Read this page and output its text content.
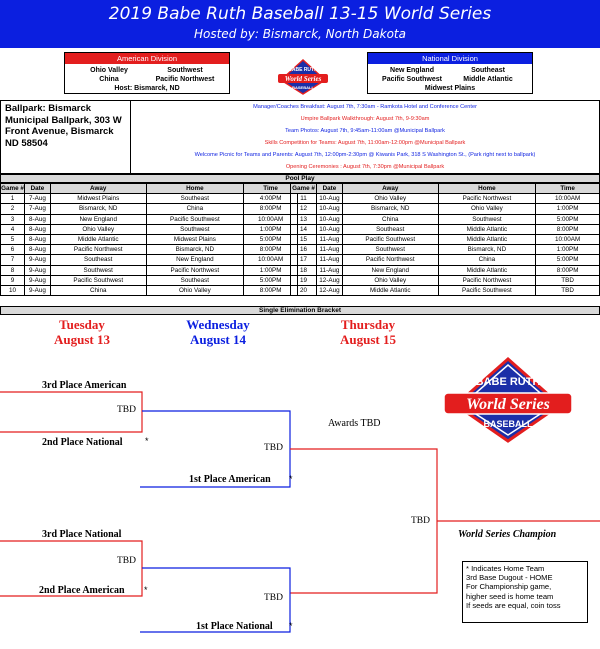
2019 Babe Ruth Baseball 13-15 World Series
Hosted by: Bismarck, North Dakota
American Division
Ohio Valley	Southwest
China	Pacific Northwest
Host: Bismarck, ND
National Division
New England	Southeast
Pacific Southwest	Middle Atlantic
Midwest Plains
BABE RUTH
World Series
BASEBALL
Ballpark: Bismarck Municipal Ballpark, 303 W Front Avenue, Bismarck ND 58504
Manager/Coaches Breakfast: August 7th, 7:30am - Ramkota Hotel and Conference Center
Umpire Ballpark Walkthrough: August 7th, 9-9:30am
Team Photos: August 7th, 9:45am-11:00am @Municipal Ballpark
Skills Competition for Teams: August 7th, 11:00am-12:00pm @Municipal Ballpark
Welcome Picnic for Teams and Parents: August 7th, 12:00pm-2:30pm @ Kiwanis Park, 318 S Washington St., (Park right next to ballpark)
Opening Ceremonies : August 7th, 7:30pm @Municipal Ballpark
Pool Play
Game #	Date	Away	Home	Time
1	7-Aug	Midwest Plains	Southeast	4:00PM
2	7-Aug	Bismarck, ND	China	8:00PM
3	8-Aug	New England	Pacific Southwest	10:00AM
4	8-Aug	Ohio Valley	Southwest	1:00PM
5	8-Aug	Middle Atlantic	Midwest Plains	5:00PM
6	8-Aug	Pacific Northwest	Bismarck, ND	8:00PM
7	9-Aug	Southeast	New England	10:00AM
8	9-Aug	Southwest	Pacific Northwest	1:00PM
9	9-Aug	Pacific Southwest	Southeast	5:00PM
10	9-Aug	China	Ohio Valley	8:00PM
Game #	Date	Away	Home	Time
11	10-Aug	Ohio Valley	Pacific Northwest	10:00AM
12	10-Aug	Bismarck, ND	Ohio Valley	1:00PM
13	10-Aug	China	Southwest	5:00PM
14	10-Aug	Southeast	Middle Atlantic	8:00PM
15	11-Aug	Pacific Southwest	Middle Atlantic	10:00AM
16	11-Aug	Southwest	Bismarck, ND	1:00PM
17	11-Aug	Pacific Northwest	China	5:00PM
18	11-Aug	New England	Middle Atlantic	8:00PM
19	12-Aug	Ohio Valley	Pacific Northwest	TBD
20	12-Aug	Middle Atlantic	Pacific Southwest	TBD
Single Elimination Bracket
Tuesday
August 13
Wednesday
August 14
Thursday
August 15
3rd Place American
TBD
2nd Place National *
TBD
1st Place American *
Awards TBD
TBD
World Series Champion
3rd Place National
TBD
2nd Place American *
TBD
1st Place National *
BABE RUTH
World Series
BASEBALL
* Indicates Home Team
3rd Base Dugout - HOME
For Championship game,
higher seed is home team
If seeds are equal, coin toss
